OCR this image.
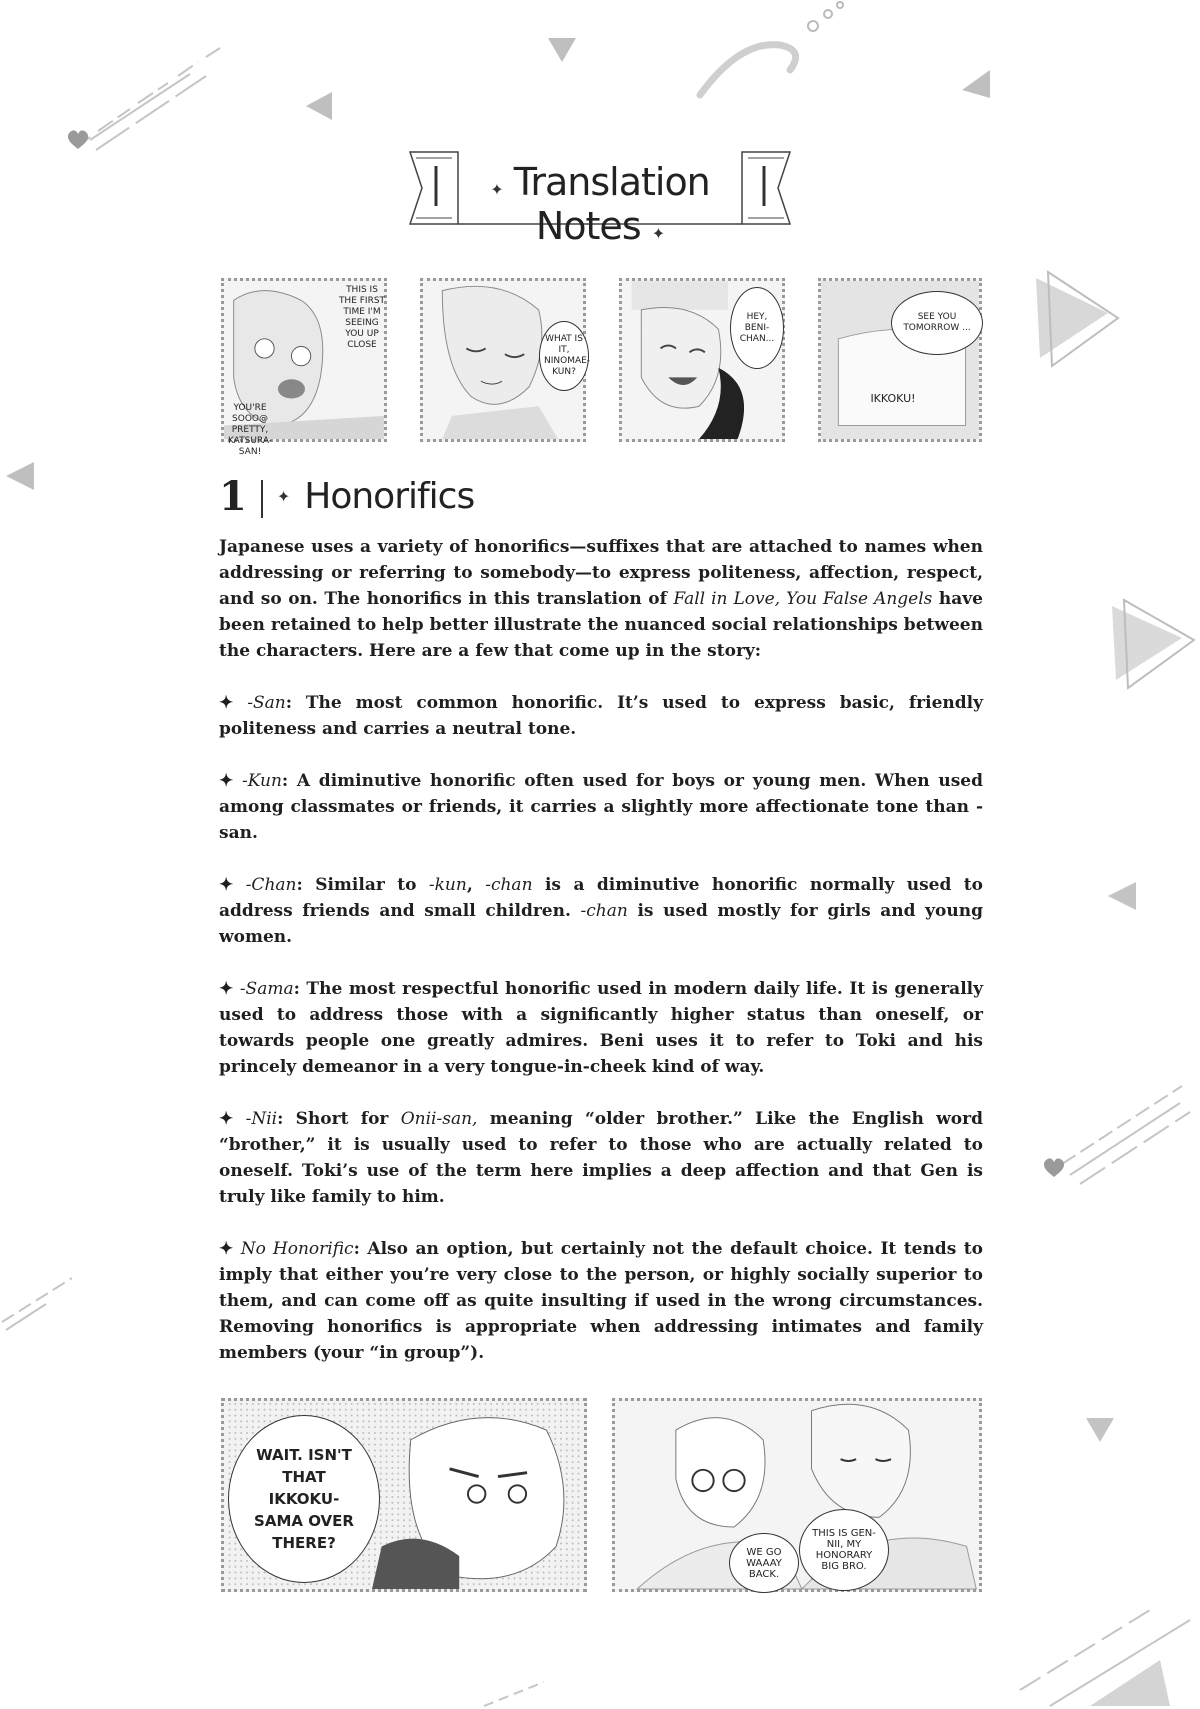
✦ Translation Notes ✦
THIS IS THE FIRST TIME I'M SEEING YOU UP CLOSE
YOU'RE SOOO@ PRETTY, KATSURA-SAN!
WHAT IS IT, NINOMAE-KUN?
HEY, BENI-CHAN...
SEE YOU TOMORROW ...
IKKOKU!
1 ✦ Honorifics

Japanese uses a variety of honorifics—suffixes that are attached to names when addressing or referring to somebody—to express politeness, affection, respect, and so on. The honorifics in this translation of Fall in Love, You False Angels have been retained to help better illustrate the nuanced social relationships between the characters. Here are a few that come up in the story:

✦ -San: The most common honorific. It’s used to express basic, friendly politeness and carries a neutral tone.

✦ -Kun: A diminutive honorific often used for boys or young men. When used among classmates or friends, it carries a slightly more affectionate tone than -san.

✦ -Chan: Similar to -kun, -chan is a diminutive honorific normally used to address friends and small children. -chan is used mostly for girls and young women.

✦ -Sama: The most respectful honorific used in modern daily life. It is generally used to address those with a significantly higher status than oneself, or towards people one greatly admires. Beni uses it to refer to Toki and his princely demeanor in a very tongue-in-cheek kind of way.

✦ -Nii: Short for Onii-san, meaning “older brother.” Like the English word “brother,” it is usually used to refer to those who are actually related to oneself. Toki’s use of the term here implies a deep affection and that Gen is truly like family to him.

✦ No Honorific: Also an option, but certainly not the default choice. It tends to imply that either you’re very close to the person, or highly socially superior to them, and can come off as quite insulting if used in the wrong circumstances. Removing honorifics is appropriate when addressing intimates and family members (your “in group”).

WAIT. ISN'T THAT IKKOKU-SAMA OVER THERE?
THIS IS GEN-NII, MY HONORARY BIG BRO.
WE GO WAAAY BACK.
